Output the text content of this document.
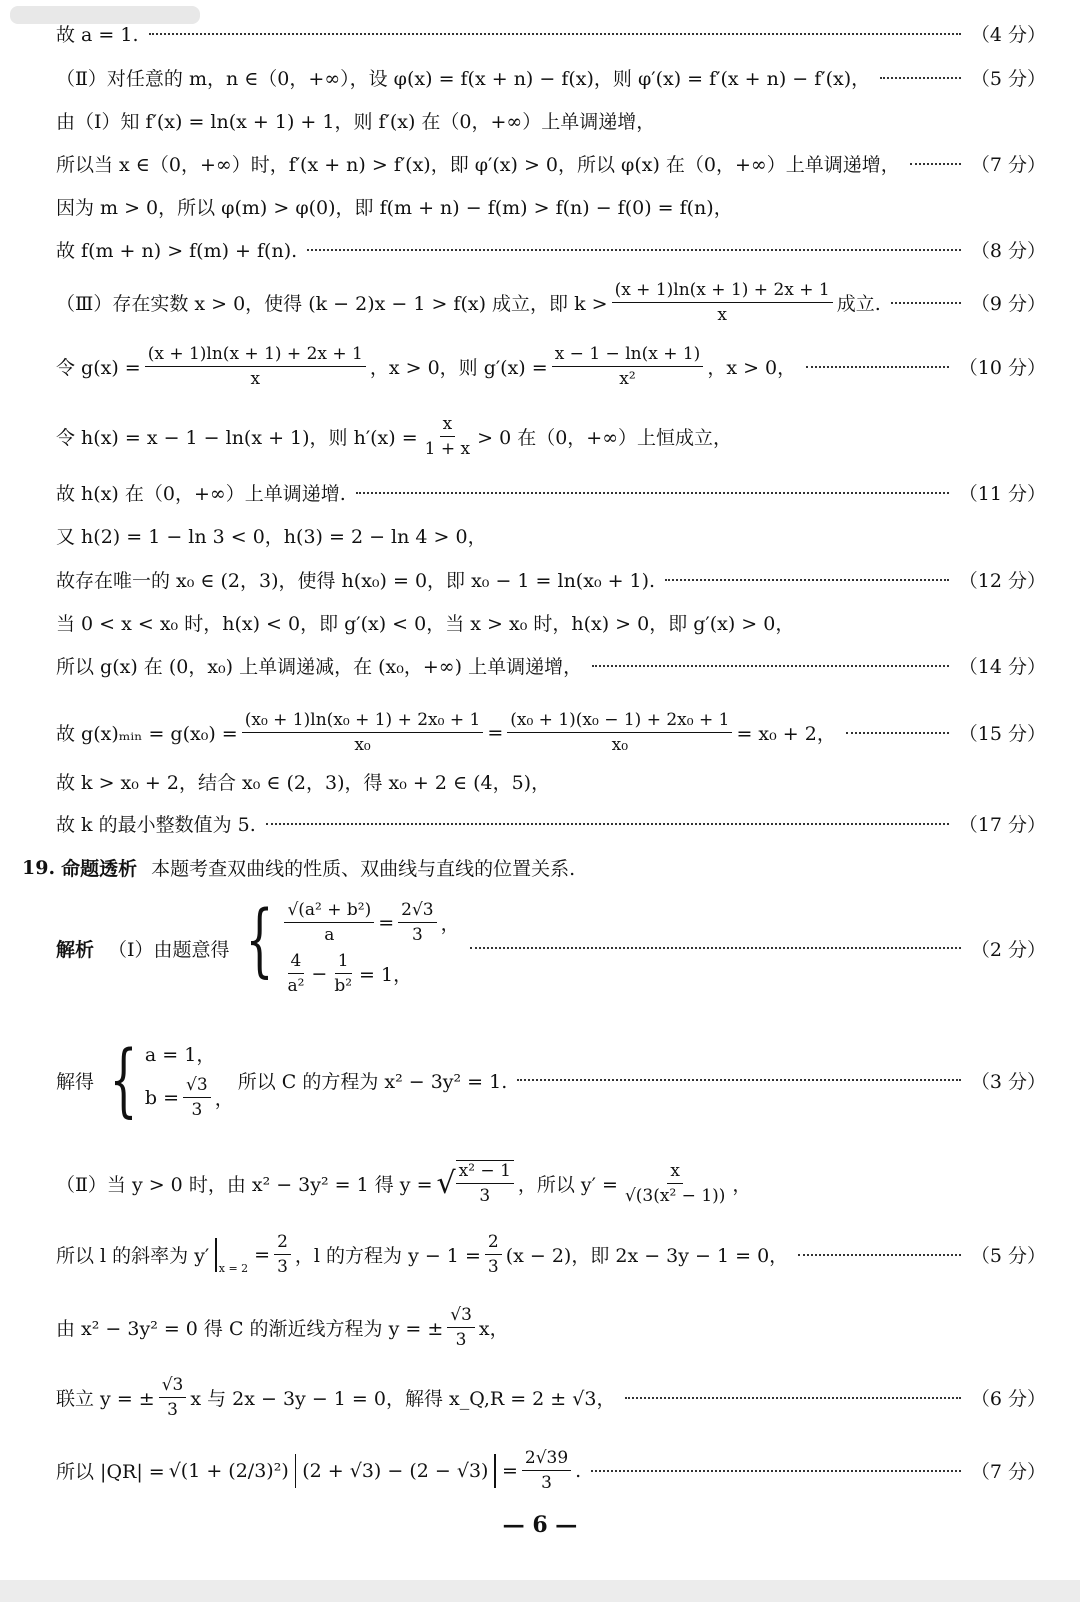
故 a = 1.	（4 分）
（Ⅱ）对任意的 m，n ∈（0，+∞），设 φ(x) = f(x + n) − f(x)，则 φ′(x) = f′(x + n) − f′(x)，	（5 分）
由（Ⅰ）知 f′(x) = ln(x + 1) + 1，则 f′(x) 在（0，+∞）上单调递增，
所以当 x ∈（0，+∞）时，f′(x + n) > f′(x)，即 φ′(x) > 0，所以 φ(x) 在（0，+∞）上单调递增，	（7 分）
因为 m > 0，所以 φ(m) > φ(0)，即 f(m + n) − f(m) > f(n) − f(0) = f(n)，
故 f(m + n) > f(m) + f(n).	（8 分）
（Ⅲ）存在实数 x > 0，使得 (k − 2)x − 1 > f(x) 成立，即 $k > \frac{(x + 1)\ln(x + 1) + 2x + 1}{x}$ 成立.	（9 分）
令 $g(x) = \frac{(x + 1)\ln(x + 1) + 2x + 1}{x}$ ，x > 0，则 $g'(x) = \frac{x - 1 - \ln(x + 1)}{\text{x²}}$ ，x > 0，	（10 分）
令 h(x) = x − 1 − ln(x + 1)，则 $h'(x) = \frac{x}{1 + x} > 0$ 在（0，+∞）上恒成立，
故 h(x) 在（0，+∞）上单调递增.	（11 分）
又 h(2) = 1 − ln 3 < 0，h(3) = 2 − ln 4 > 0，
故存在唯一的 x₀ ∈ (2，3)，使得 h(x₀) = 0，即 x₀ − 1 = ln(x₀ + 1).	（12 分）
当 0 < x < x₀ 时，h(x) < 0，即 g′(x) < 0，当 x > x₀ 时，h(x) > 0，即 g′(x) > 0，
所以 g(x) 在 (0，x₀) 上单调递减，在 (x₀，+∞) 上单调递增，	（14 分）
故 g(x)ₘᵢₙ = $g(x_0) = \frac{\text{(x₀ + 1)ln(x₀ + 1) + 2x₀ + 1}}{\text{x₀}} = \frac{\text{(x₀ + 1)(x₀ − 1) + 2x₀ + 1}}{\text{x₀}} = x_0 + 2$，	（15 分）
故 k > x₀ + 2，结合 x₀ ∈ (2，3)，得 x₀ + 2 ∈ (4，5)，
故 k 的最小整数值为 5.	（17 分）
19. 命题透析 本题考查双曲线的性质、双曲线与直线的位置关系.
解析 （Ⅰ）由题意得 { $\frac{\text{√(a² + b²)}}{a} = \frac{2√3}{3}$ ，
$\frac{4}{\text{a²}} - \frac{1}{\text{b²}} = 1$，
（2 分）
解得 { a = 1，
$b = \frac{√3}{3}$ ，
所以 C 的方程为 x² − 3y² = 1.	（3 分）
（Ⅱ）当 y > 0 时，由 x² − 3y² = 1 得 y = √ $\frac{\text{x² − 1}}{3}$ ，所以 $y' = \frac{x}{\text{√(3(x² − 1))}}$ ，
所以 l 的斜率为 y′
x = 2
= $\frac{2}{3}$ ，l 的方程为 $y - 1 = \frac{2}{3} (x - 2)$，即 2x − 3y − 1 = 0，	（5 分）
由 x² − 3y² = 0 得 C 的渐近线方程为 y = ± $\frac{√3}{3}$ x，
联立 y = ± $\frac{√3}{3}$ x 与 2x − 3y − 1 = 0，解得 x_Q,R = 2 ± √3，	（6 分）
所以 |QR| = √(1 + (2/3)²) $(2 + √3) - (2 - √3) = \frac{2√39}{3}$ .	（7 分）
— 6 —
